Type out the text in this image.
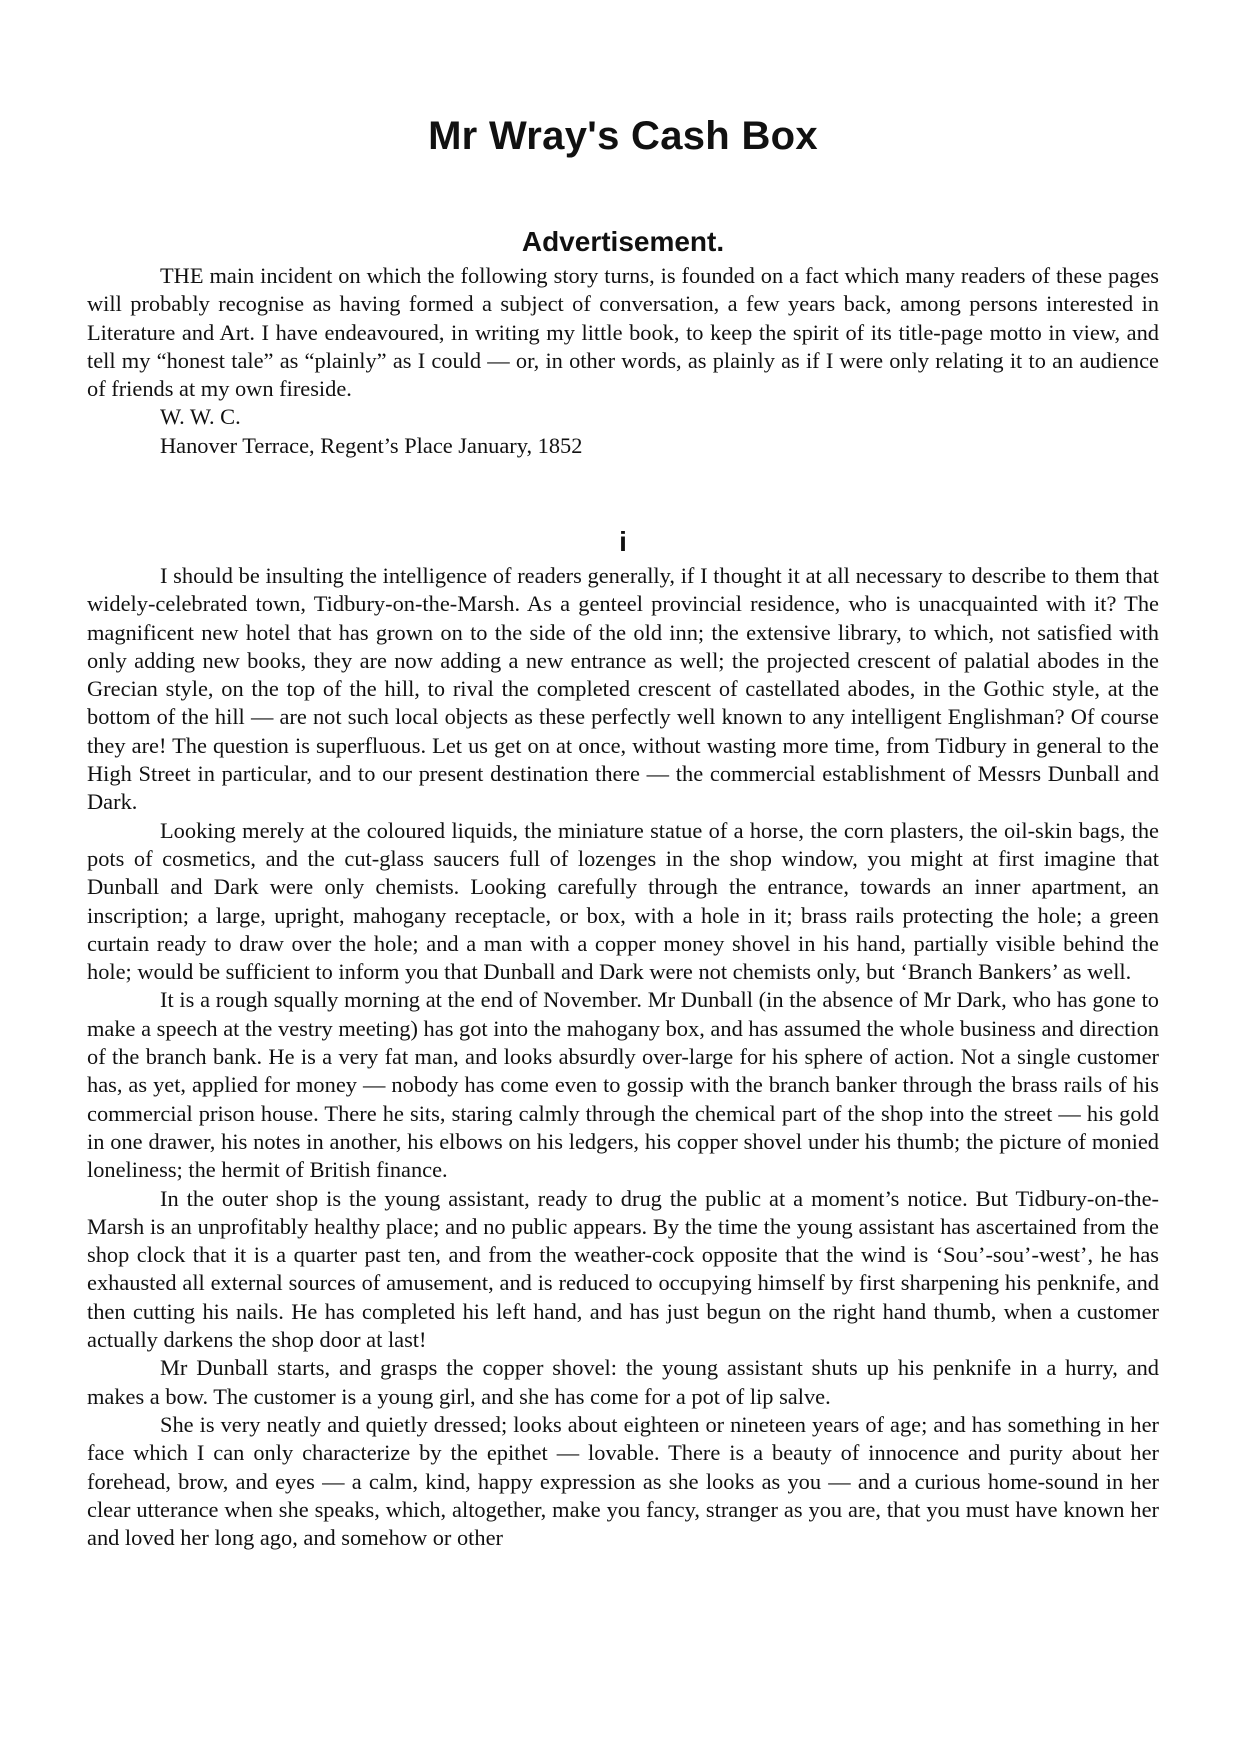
Mr Wray's Cash Box
Advertisement.

THE main incident on which the following story turns, is founded on a fact which many readers of these pages will probably recognise as having formed a subject of conversation, a few years back, among persons interested in Literature and Art. I have endeavoured, in writing my little book, to keep the spirit of its title-page motto in view, and tell my “honest tale” as “plainly” as I could — or, in other words, as plainly as if I were only relating it to an audience of friends at my own fireside.

W. W. C.
Hanover Terrace, Regent’s Place January, 1852
i

I should be insulting the intelligence of readers generally, if I thought it at all necessary to describe to them that widely-celebrated town, Tidbury-on-the-Marsh. As a genteel provincial residence, who is unacquainted with it? The magnificent new hotel that has grown on to the side of the old inn; the extensive library, to which, not satisfied with only adding new books, they are now adding a new entrance as well; the projected crescent of palatial abodes in the Grecian style, on the top of the hill, to rival the completed crescent of castellated abodes, in the Gothic style, at the bottom of the hill — are not such local objects as these perfectly well known to any intelligent Englishman? Of course they are! The question is superfluous. Let us get on at once, without wasting more time, from Tidbury in general to the High Street in particular, and to our present destination there — the commercial establishment of Messrs Dunball and Dark.

Looking merely at the coloured liquids, the miniature statue of a horse, the corn plasters, the oil-skin bags, the pots of cosmetics, and the cut-glass saucers full of lozenges in the shop window, you might at first imagine that Dunball and Dark were only chemists. Looking carefully through the entrance, towards an inner apartment, an inscription; a large, upright, mahogany receptacle, or box, with a hole in it; brass rails protecting the hole; a green curtain ready to draw over the hole; and a man with a copper money shovel in his hand, partially visible behind the hole; would be sufficient to inform you that Dunball and Dark were not chemists only, but ‘Branch Bankers’ as well.

It is a rough squally morning at the end of November. Mr Dunball (in the absence of Mr Dark, who has gone to make a speech at the vestry meeting) has got into the mahogany box, and has assumed the whole business and direction of the branch bank. He is a very fat man, and looks absurdly over-large for his sphere of action. Not a single customer has, as yet, applied for money — nobody has come even to gossip with the branch banker through the brass rails of his commercial prison house. There he sits, staring calmly through the chemical part of the shop into the street — his gold in one drawer, his notes in another, his elbows on his ledgers, his copper shovel under his thumb; the picture of monied loneliness; the hermit of British finance.

In the outer shop is the young assistant, ready to drug the public at a moment’s notice. But Tidbury-on-the-Marsh is an unprofitably healthy place; and no public appears. By the time the young assistant has ascertained from the shop clock that it is a quarter past ten, and from the weather-cock opposite that the wind is ‘Sou’-sou’-west’, he has exhausted all external sources of amusement, and is reduced to occupying himself by first sharpening his penknife, and then cutting his nails. He has completed his left hand, and has just begun on the right hand thumb, when a customer actually darkens the shop door at last!

Mr Dunball starts, and grasps the copper shovel: the young assistant shuts up his penknife in a hurry, and makes a bow. The customer is a young girl, and she has come for a pot of lip salve.

She is very neatly and quietly dressed; looks about eighteen or nineteen years of age; and has something in her face which I can only characterize by the epithet — lovable. There is a beauty of innocence and purity about her forehead, brow, and eyes — a calm, kind, happy expression as she looks as you — and a curious home-sound in her clear utterance when she speaks, which, altogether, make you fancy, stranger as you are, that you must have known her and loved her long ago, and somehow or other
